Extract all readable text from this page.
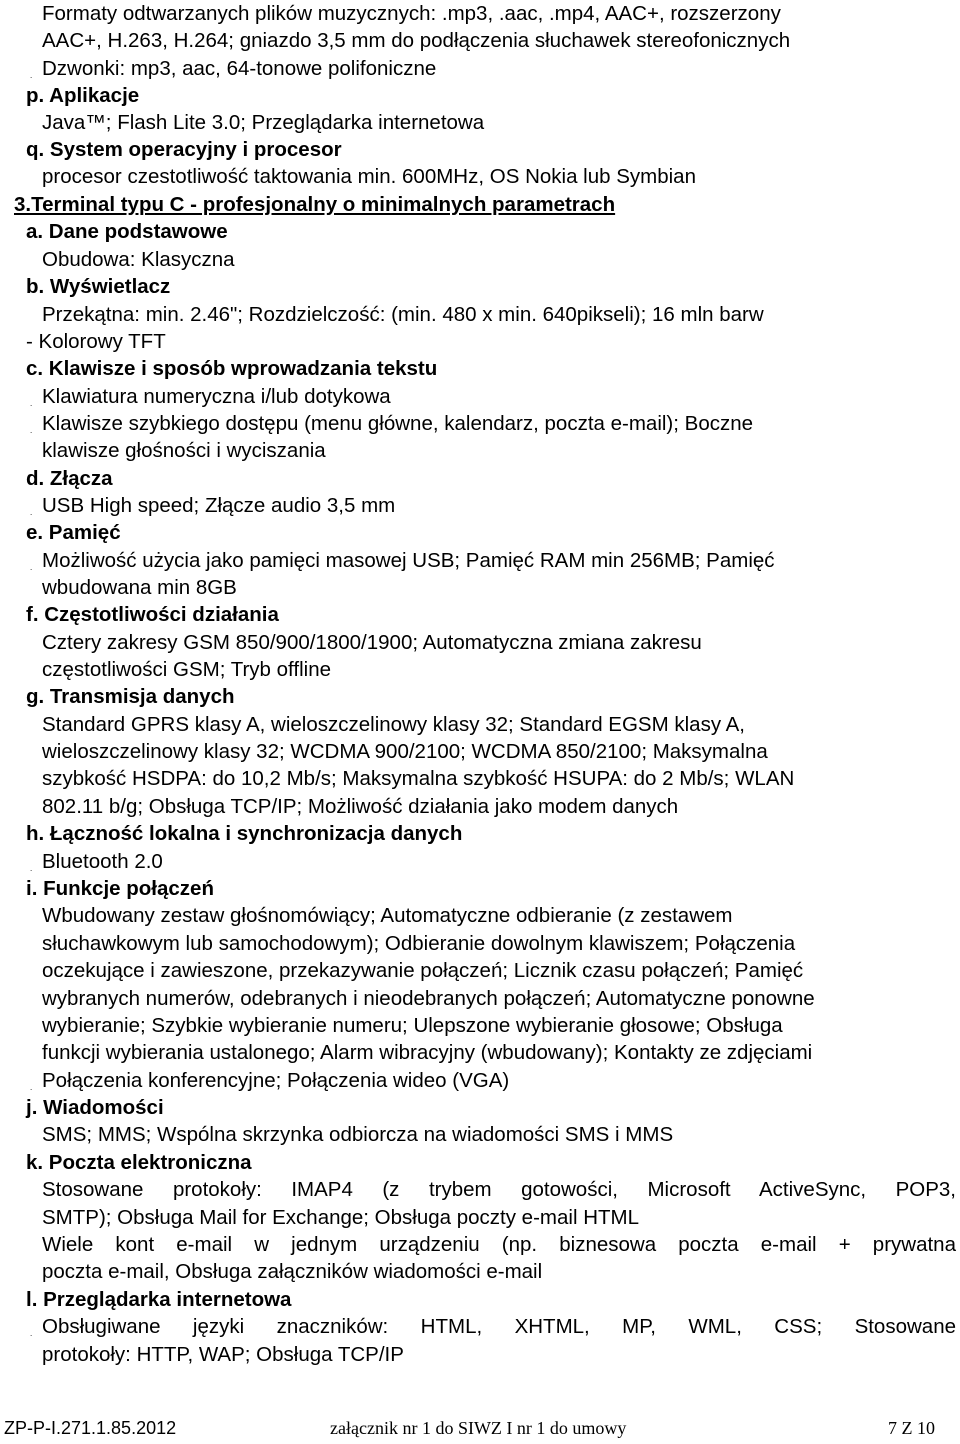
Formaty odtwarzanych plików muzycznych: .mp3, .aac, .mp4, AAC+, rozszerzony
AAC+, H.263, H.264; gniazdo 3,5 mm do podłączenia słuchawek stereofonicznych
. Dzwonki: mp3, aac, 64-tonowe polifoniczne
p. Aplikacje
Java™; Flash Lite 3.0; Przeglądarka internetowa
q. System operacyjny i procesor
procesor czestotliwość taktowania min. 600MHz, OS Nokia lub Symbian
3.Terminal typu C - profesjonalny o minimalnych parametrach
a. Dane podstawowe
Obudowa: Klasyczna
b. Wyświetlacz
Przekątna: min. 2.46"; Rozdzielczość: (min. 480 x min. 640pikseli); 16 mln barw
- Kolorowy TFT
c. Klawisze i sposób wprowadzania tekstu
. Klawiatura numeryczna i/lub dotykowa
. Klawisze szybkiego dostępu (menu główne, kalendarz, poczta e-mail); Boczne
klawisze głośności i wyciszania
d. Złącza
. USB High speed; Złącze audio 3,5 mm
e. Pamięć
. Możliwość użycia jako pamięci masowej USB; Pamięć RAM min 256MB; Pamięć
wbudowana min 8GB
f. Częstotliwości działania
Cztery zakresy GSM 850/900/1800/1900; Automatyczna zmiana zakresu
częstotliwości GSM; Tryb offline
g. Transmisja danych
Standard GPRS klasy A, wieloszczelinowy klasy 32; Standard EGSM klasy A,
wieloszczelinowy klasy 32; WCDMA 900/2100; WCDMA 850/2100; Maksymalna
szybkość HSDPA: do 10,2 Mb/s; Maksymalna szybkość HSUPA: do 2 Mb/s; WLAN
802.11 b/g; Obsługa TCP/IP; Możliwość działania jako modem danych
h. Łączność lokalna i synchronizacja danych
. Bluetooth 2.0
i. Funkcje połączeń
Wbudowany zestaw głośnomówiący; Automatyczne odbieranie (z zestawem
słuchawkowym lub samochodowym); Odbieranie dowolnym klawiszem; Połączenia
oczekujące i zawieszone, przekazywanie połączeń; Licznik czasu połączeń; Pamięć
wybranych numerów, odebranych i nieodebranych połączeń; Automatyczne ponowne
wybieranie; Szybkie wybieranie numeru; Ulepszone wybieranie głosowe; Obsługa
funkcji wybierania ustalonego; Alarm wibracyjny (wbudowany); Kontakty ze zdjęciami
. Połączenia konferencyjne; Połączenia wideo (VGA)
j. Wiadomości
SMS; MMS; Wspólna skrzynka odbiorcza na wiadomości SMS i MMS
k. Poczta elektroniczna
Stosowane protokoły: IMAP4 (z trybem gotowości, Microsoft ActiveSync, POP3,
SMTP); Obsługa Mail for Exchange; Obsługa poczty e-mail HTML
Wiele kont e-mail w jednym urządzeniu (np. biznesowa poczta e-mail + prywatna
poczta e-mail, Obsługa załączników wiadomości e-mail
l. Przeglądarka internetowa
. Obsługiwane języki znaczników: HTML, XHTML, MP, WML, CSS; Stosowane
protokoły: HTTP, WAP; Obsługa TCP/IP
ZP-P-I.271.1.85.2012	załącznik nr 1 do SIWZ I nr 1 do umowy	7 Z 10
